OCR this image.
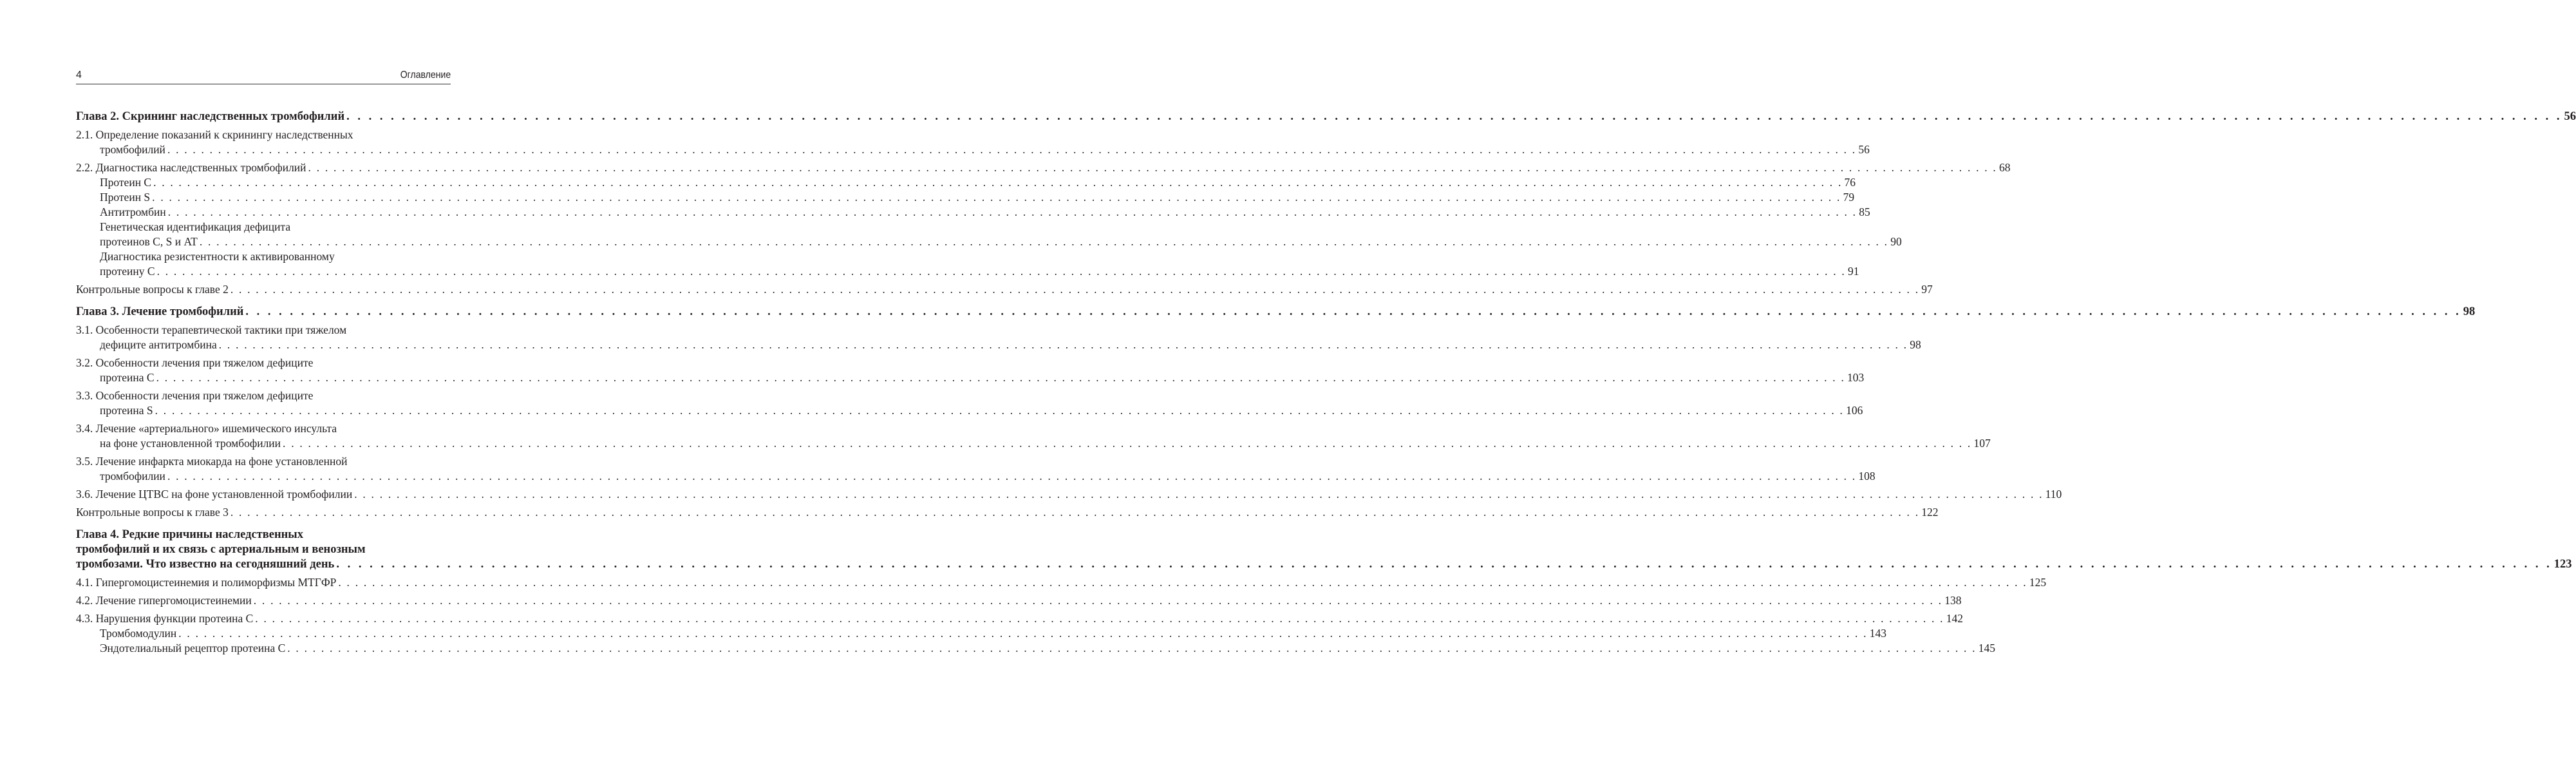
4	Оглавление
Глава 2. Скрининг наследственных тромбофилий . . . . . . . . . . . . . . . . . . . . . . . . . . . . . . . . . . . . . . . . . . . . . . . . . . . . . . . . . . . . . . . . . . . . . . . . . . . . . . . . . . . . . . . . . . . . . . . . . . . . . . . . . . . . . . . . . . . . . . . . . . . . . . . . . . . . . . . . . . . . . . . . . . . . . . . . . . . . . . . . . . . . . . . . . . . . . . . . . . . . . . . . . . . . . . . . . . . . . . . . 56
2.1. Определение показаний к скринингу наследственных
тромбофилий . . . . . . . . . . . . . . . . . . . . . . . . . . . . . . . . . . . . . . . . . . . . . . . . . . . . . . . . . . . . . . . . . . . . . . . . . . . . . . . . . . . . . . . . . . . . . . . . . . . . . . . . . . . . . . . . . . . . . . . . . . . . . . . . . . . . . . . . . . . . . . . . . . . . . . . . . . . . . . . . . . . . . . . . . . . . . . . . . . . . . . . . . . . . . . . . . . . . . . . . 56
2.2. Диагностика наследственных тромбофилий . . . . . . . . . . . . . . . . . . . . . . . . . . . . . . . . . . . . . . . . . . . . . . . . . . . . . . . . . . . . . . . . . . . . . . . . . . . . . . . . . . . . . . . . . . . . . . . . . . . . . . . . . . . . . . . . . . . . . . . . . . . . . . . . . . . . . . . . . . . . . . . . . . . . . . . . . . . . . . . . . . . . . . . . . . . . . . . . . . . . . . . . . . . . . . . . . . . . . . . . 68
Протеин C . . . . . . . . . . . . . . . . . . . . . . . . . . . . . . . . . . . . . . . . . . . . . . . . . . . . . . . . . . . . . . . . . . . . . . . . . . . . . . . . . . . . . . . . . . . . . . . . . . . . . . . . . . . . . . . . . . . . . . . . . . . . . . . . . . . . . . . . . . . . . . . . . . . . . . . . . . . . . . . . . . . . . . . . . . . . . . . . . . . . . . . . . . . . . . . . . . . . . . . . 76
Протеин S . . . . . . . . . . . . . . . . . . . . . . . . . . . . . . . . . . . . . . . . . . . . . . . . . . . . . . . . . . . . . . . . . . . . . . . . . . . . . . . . . . . . . . . . . . . . . . . . . . . . . . . . . . . . . . . . . . . . . . . . . . . . . . . . . . . . . . . . . . . . . . . . . . . . . . . . . . . . . . . . . . . . . . . . . . . . . . . . . . . . . . . . . . . . . . . . . . . . . . . . 79
Антитромбин . . . . . . . . . . . . . . . . . . . . . . . . . . . . . . . . . . . . . . . . . . . . . . . . . . . . . . . . . . . . . . . . . . . . . . . . . . . . . . . . . . . . . . . . . . . . . . . . . . . . . . . . . . . . . . . . . . . . . . . . . . . . . . . . . . . . . . . . . . . . . . . . . . . . . . . . . . . . . . . . . . . . . . . . . . . . . . . . . . . . . . . . . . . . . . . . . . . . . . . . 85
Генетическая идентификация дефицита
протеинов C, S и AT . . . . . . . . . . . . . . . . . . . . . . . . . . . . . . . . . . . . . . . . . . . . . . . . . . . . . . . . . . . . . . . . . . . . . . . . . . . . . . . . . . . . . . . . . . . . . . . . . . . . . . . . . . . . . . . . . . . . . . . . . . . . . . . . . . . . . . . . . . . . . . . . . . . . . . . . . . . . . . . . . . . . . . . . . . . . . . . . . . . . . . . . . . . . . . . . . . . . . . . . 90
Диагностика резистентности к активированному
протеину С . . . . . . . . . . . . . . . . . . . . . . . . . . . . . . . . . . . . . . . . . . . . . . . . . . . . . . . . . . . . . . . . . . . . . . . . . . . . . . . . . . . . . . . . . . . . . . . . . . . . . . . . . . . . . . . . . . . . . . . . . . . . . . . . . . . . . . . . . . . . . . . . . . . . . . . . . . . . . . . . . . . . . . . . . . . . . . . . . . . . . . . . . . . . . . . . . . . . . . . . 91
Контрольные вопросы к главе 2 . . . . . . . . . . . . . . . . . . . . . . . . . . . . . . . . . . . . . . . . . . . . . . . . . . . . . . . . . . . . . . . . . . . . . . . . . . . . . . . . . . . . . . . . . . . . . . . . . . . . . . . . . . . . . . . . . . . . . . . . . . . . . . . . . . . . . . . . . . . . . . . . . . . . . . . . . . . . . . . . . . . . . . . . . . . . . . . . . . . . . . . . . . . . . . . . . . . . . . . . 97
Глава 3. Лечение тромбофилий . . . . . . . . . . . . . . . . . . . . . . . . . . . . . . . . . . . . . . . . . . . . . . . . . . . . . . . . . . . . . . . . . . . . . . . . . . . . . . . . . . . . . . . . . . . . . . . . . . . . . . . . . . . . . . . . . . . . . . . . . . . . . . . . . . . . . . . . . . . . . . . . . . . . . . . . . . . . . . . . . . . . . . . . . . . . . . . . . . . . . . . . . . . . . . . . . . . . . . . . 98
3.1. Особенности терапевтической тактики при тяжелом
дефиците антитромбина . . . . . . . . . . . . . . . . . . . . . . . . . . . . . . . . . . . . . . . . . . . . . . . . . . . . . . . . . . . . . . . . . . . . . . . . . . . . . . . . . . . . . . . . . . . . . . . . . . . . . . . . . . . . . . . . . . . . . . . . . . . . . . . . . . . . . . . . . . . . . . . . . . . . . . . . . . . . . . . . . . . . . . . . . . . . . . . . . . . . . . . . . . . . . . . . . . . . . . . . 98
3.2. Особенности лечения при тяжелом дефиците
протеина С . . . . . . . . . . . . . . . . . . . . . . . . . . . . . . . . . . . . . . . . . . . . . . . . . . . . . . . . . . . . . . . . . . . . . . . . . . . . . . . . . . . . . . . . . . . . . . . . . . . . . . . . . . . . . . . . . . . . . . . . . . . . . . . . . . . . . . . . . . . . . . . . . . . . . . . . . . . . . . . . . . . . . . . . . . . . . . . . . . . . . . . . . . . . . . . . . . . . . . . . 103
3.3. Особенности лечения при тяжелом дефиците
протеина S . . . . . . . . . . . . . . . . . . . . . . . . . . . . . . . . . . . . . . . . . . . . . . . . . . . . . . . . . . . . . . . . . . . . . . . . . . . . . . . . . . . . . . . . . . . . . . . . . . . . . . . . . . . . . . . . . . . . . . . . . . . . . . . . . . . . . . . . . . . . . . . . . . . . . . . . . . . . . . . . . . . . . . . . . . . . . . . . . . . . . . . . . . . . . . . . . . . . . . . . 106
3.4. Лечение «артериального» ишемического инсульта
на фоне установленной тромбофилии . . . . . . . . . . . . . . . . . . . . . . . . . . . . . . . . . . . . . . . . . . . . . . . . . . . . . . . . . . . . . . . . . . . . . . . . . . . . . . . . . . . . . . . . . . . . . . . . . . . . . . . . . . . . . . . . . . . . . . . . . . . . . . . . . . . . . . . . . . . . . . . . . . . . . . . . . . . . . . . . . . . . . . . . . . . . . . . . . . . . . . . . . . . . . . . . . . . . . . . . 107
3.5. Лечение инфаркта миокарда на фоне установленной
тромбофилии . . . . . . . . . . . . . . . . . . . . . . . . . . . . . . . . . . . . . . . . . . . . . . . . . . . . . . . . . . . . . . . . . . . . . . . . . . . . . . . . . . . . . . . . . . . . . . . . . . . . . . . . . . . . . . . . . . . . . . . . . . . . . . . . . . . . . . . . . . . . . . . . . . . . . . . . . . . . . . . . . . . . . . . . . . . . . . . . . . . . . . . . . . . . . . . . . . . . . . . . 108
3.6. Лечение ЦТВС на фоне установленной тромбофилии . . . . . . . . . . . . . . . . . . . . . . . . . . . . . . . . . . . . . . . . . . . . . . . . . . . . . . . . . . . . . . . . . . . . . . . . . . . . . . . . . . . . . . . . . . . . . . . . . . . . . . . . . . . . . . . . . . . . . . . . . . . . . . . . . . . . . . . . . . . . . . . . . . . . . . . . . . . . . . . . . . . . . . . . . . . . . . . . . . . . . . . . . . . . . . . . . . . . . . . . 110
Контрольные вопросы к главе 3 . . . . . . . . . . . . . . . . . . . . . . . . . . . . . . . . . . . . . . . . . . . . . . . . . . . . . . . . . . . . . . . . . . . . . . . . . . . . . . . . . . . . . . . . . . . . . . . . . . . . . . . . . . . . . . . . . . . . . . . . . . . . . . . . . . . . . . . . . . . . . . . . . . . . . . . . . . . . . . . . . . . . . . . . . . . . . . . . . . . . . . . . . . . . . . . . . . . . . . . . 122
Глава 4. Редкие причины наследственных
тромбофилий и их связь с артериальным и венозным
тромбозами. Что известно на сегодняшний день . . . . . . . . . . . . . . . . . . . . . . . . . . . . . . . . . . . . . . . . . . . . . . . . . . . . . . . . . . . . . . . . . . . . . . . . . . . . . . . . . . . . . . . . . . . . . . . . . . . . . . . . . . . . . . . . . . . . . . . . . . . . . . . . . . . . . . . . . . . . . . . . . . . . . . . . . . . . . . . . . . . . . . . . . . . . . . . . . . . . . . . . . . . . . . . . . . . . . . . . 123
4.1. Гипергомоцистеинемия и полиморфизмы МТГФР . . . . . . . . . . . . . . . . . . . . . . . . . . . . . . . . . . . . . . . . . . . . . . . . . . . . . . . . . . . . . . . . . . . . . . . . . . . . . . . . . . . . . . . . . . . . . . . . . . . . . . . . . . . . . . . . . . . . . . . . . . . . . . . . . . . . . . . . . . . . . . . . . . . . . . . . . . . . . . . . . . . . . . . . . . . . . . . . . . . . . . . . . . . . . . . . . . . . . . . . 125
4.2. Лечение гипергомоцистеинемии . . . . . . . . . . . . . . . . . . . . . . . . . . . . . . . . . . . . . . . . . . . . . . . . . . . . . . . . . . . . . . . . . . . . . . . . . . . . . . . . . . . . . . . . . . . . . . . . . . . . . . . . . . . . . . . . . . . . . . . . . . . . . . . . . . . . . . . . . . . . . . . . . . . . . . . . . . . . . . . . . . . . . . . . . . . . . . . . . . . . . . . . . . . . . . . . . . . . . . . . 138
4.3. Нарушения функции протеина С . . . . . . . . . . . . . . . . . . . . . . . . . . . . . . . . . . . . . . . . . . . . . . . . . . . . . . . . . . . . . . . . . . . . . . . . . . . . . . . . . . . . . . . . . . . . . . . . . . . . . . . . . . . . . . . . . . . . . . . . . . . . . . . . . . . . . . . . . . . . . . . . . . . . . . . . . . . . . . . . . . . . . . . . . . . . . . . . . . . . . . . . . . . . . . . . . . . . . . . . 142
Тромбомодулин . . . . . . . . . . . . . . . . . . . . . . . . . . . . . . . . . . . . . . . . . . . . . . . . . . . . . . . . . . . . . . . . . . . . . . . . . . . . . . . . . . . . . . . . . . . . . . . . . . . . . . . . . . . . . . . . . . . . . . . . . . . . . . . . . . . . . . . . . . . . . . . . . . . . . . . . . . . . . . . . . . . . . . . . . . . . . . . . . . . . . . . . . . . . . . . . . . . . . . . . 143
Эндотелиальный рецептор протеина С . . . . . . . . . . . . . . . . . . . . . . . . . . . . . . . . . . . . . . . . . . . . . . . . . . . . . . . . . . . . . . . . . . . . . . . . . . . . . . . . . . . . . . . . . . . . . . . . . . . . . . . . . . . . . . . . . . . . . . . . . . . . . . . . . . . . . . . . . . . . . . . . . . . . . . . . . . . . . . . . . . . . . . . . . . . . . . . . . . . . . . . . . . . . . . . . . . . . . . . . 145
